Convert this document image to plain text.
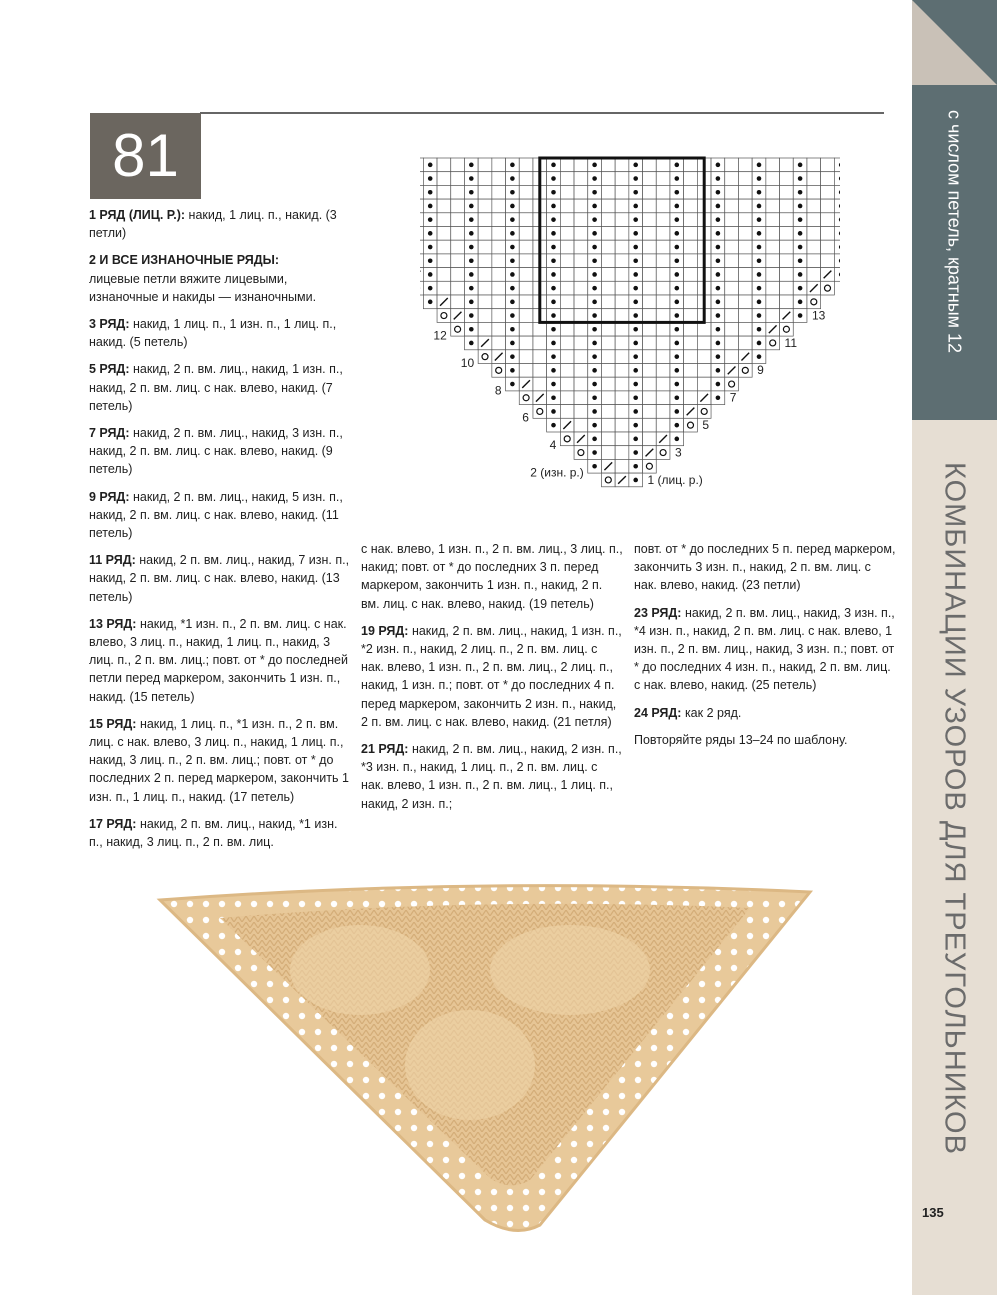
81

1 РЯД (ЛИЦ. Р.): накид, 1 лиц. п., накид. (3 петли)

2 И ВСЕ ИЗНАНОЧНЫЕ РЯДЫ:
лицевые петли вяжите лицевыми, изнаночные и накиды — изнаночными.

3 РЯД: накид, 1 лиц. п., 1 изн. п., 1 лиц. п., накид. (5 петель)

5 РЯД: накид, 2 п. вм. лиц., накид, 1 изн. п., накид, 2 п. вм. лиц. с нак. влево, накид. (7 петель)

7 РЯД: накид, 2 п. вм. лиц., накид, 3 изн. п., накид, 2 п. вм. лиц. с нак. влево, накид. (9 петель)

9 РЯД: накид, 2 п. вм. лиц., накид, 5 изн. п., накид, 2 п. вм. лиц. с нак. влево, накид. (11 петель)

11 РЯД: накид, 2 п. вм. лиц., накид, 7 изн. п., накид, 2 п. вм. лиц. с нак. влево, накид. (13 петель)

13 РЯД: накид, *1 изн. п., 2 п. вм. лиц. с нак. влево, 3 лиц. п., накид, 1 лиц. п., накид, 3 лиц. п., 2 п. вм. лиц.; повт. от * до последней петли перед маркером, закончить 1 изн. п., накид. (15 петель)

15 РЯД: накид, 1 лиц. п., *1 изн. п., 2 п. вм. лиц. с нак. влево, 3 лиц. п., накид, 1 лиц. п., накид, 3 лиц. п., 2 п. вм. лиц.; повт. от * до последних 2 п. перед маркером, закончить 1 изн. п., 1 лиц. п., накид. (17 петель)

17 РЯД: накид, 2 п. вм. лиц., накид, *1 изн. п., накид, 3 лиц. п., 2 п. вм. лиц.

с нак. влево, 1 изн. п., 2 п. вм. лиц., 3 лиц. п., накид; повт. от * до последних 3 п. перед маркером, закончить 1 изн. п., накид, 2 п. вм. лиц. с нак. влево, накид. (19 петель)

19 РЯД: накид, 2 п. вм. лиц., накид, 1 изн. п., *2 изн. п., накид, 2 лиц. п., 2 п. вм. лиц. с нак. влево, 1 изн. п., 2 п. вм. лиц., 2 лиц. п., накид, 1 изн. п.; повт. от * до последних 4 п. перед маркером, закончить 2 изн. п., накид, 2 п. вм. лиц. с нак. влево, накид. (21 петля)

21 РЯД: накид, 2 п. вм. лиц., накид, 2 изн. п., *3 изн. п., накид, 1 лиц. п., 2 п. вм. лиц. с нак. влево, 1 изн. п., 2 п. вм. лиц., 1 лиц. п., накид, 2 изн. п.;

повт. от * до последних 5 п. перед маркером, закончить 3 изн. п., накид, 2 п. вм. лиц. с нак. влево, накид. (23 петли)

23 РЯД: накид, 2 п. вм. лиц., накид, 3 изн. п., *4 изн. п., накид, 2 п. вм. лиц. с нак. влево, 1 изн. п., 2 п. вм. лиц., накид, 3 изн. п.; повт. от * до последних 4 изн. п., накид, 2 п. вм. лиц. с нак. влево, накид. (25 петель)

24 РЯД: как 2 ряд.

Повторяйте ряды 13–24 по шаблону.

12
10
8
6
4
2 (изн. р.)
13
11
9
7
5
3
1 (лиц. р.)
с числом петель, кратным 12
КОМБИНАЦИИ УЗОРОВ ДЛЯ ТРЕУГОЛЬНИКОВ
135
